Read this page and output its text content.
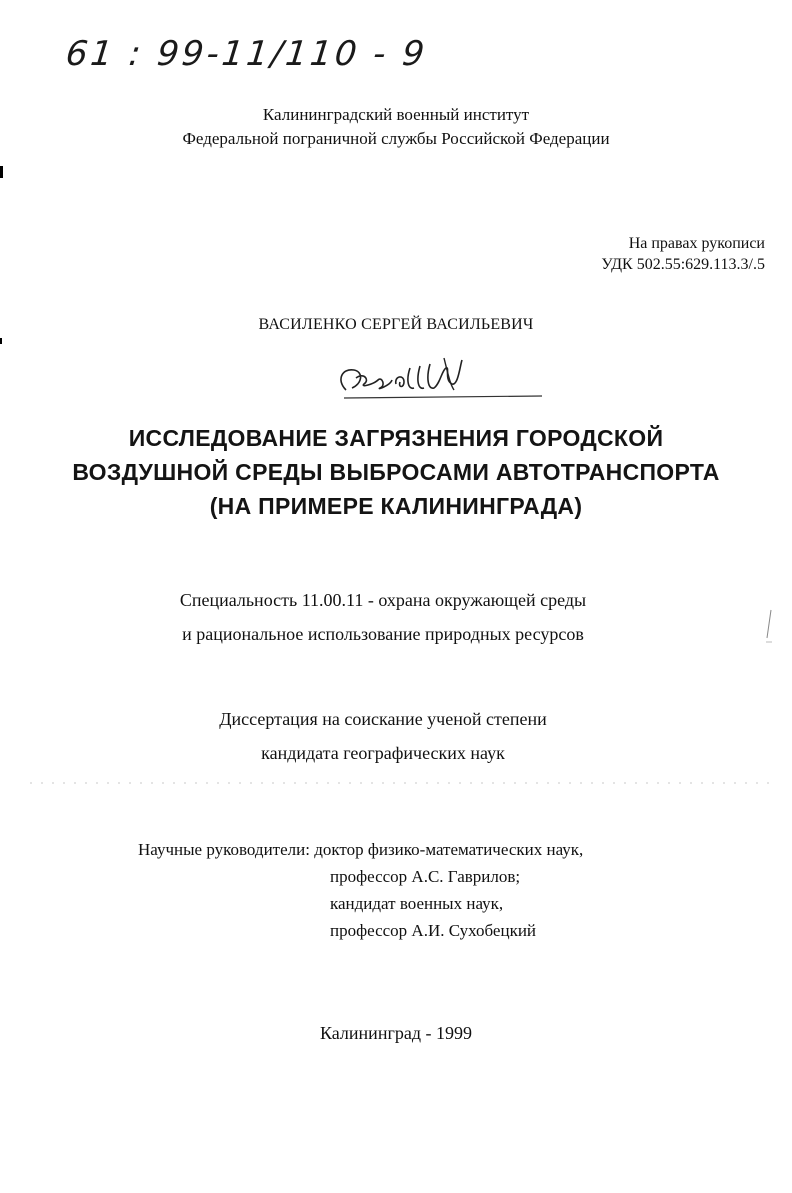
61 : 99-11/110 - 9
Калининградский военный институт
Федеральной пограничной службы Российской Федерации
На правах рукописи
УДК 502.55:629.113.3/.5
ВАСИЛЕНКО СЕРГЕЙ ВАСИЛЬЕВИЧ
ИССЛЕДОВАНИЕ ЗАГРЯЗНЕНИЯ ГОРОДСКОЙ
ВОЗДУШНОЙ СРЕДЫ ВЫБРОСАМИ АВТОТРАНСПОРТА
(НА ПРИМЕРЕ КАЛИНИНГРАДА)
Специальность 11.00.11 - охрана окружающей среды
и рациональное использование природных ресурсов
Диссертация на соискание ученой степени
кандидата географических наук
Научные руководители: доктор физико-математических наук,
профессор А.С. Гаврилов;
кандидат военных наук,
профессор А.И. Сухобецкий
Калининград - 1999
